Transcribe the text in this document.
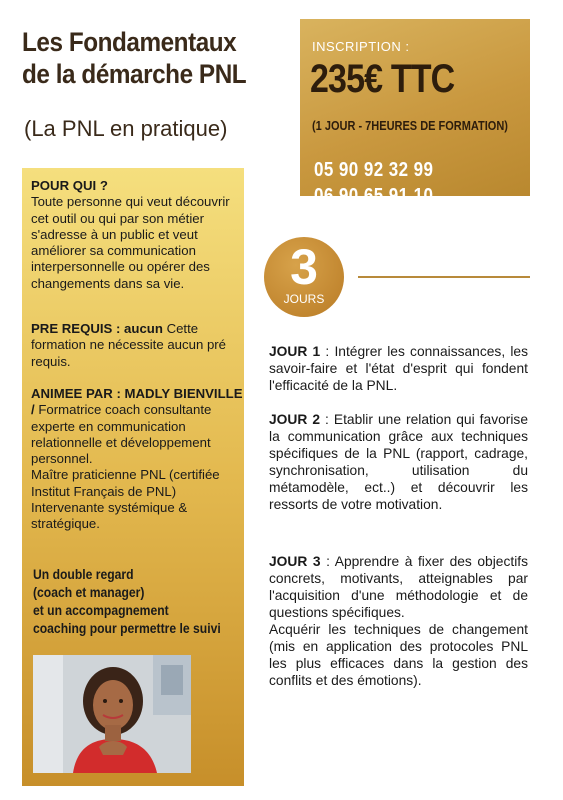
Les Fondamentaux
de la démarche PNL
(La PNL en pratique)
INSCRIPTION :
235€ TTC
(1 JOUR - 7HEURES DE FORMATION)
05 90 92 32 99
06 90 65 91 10
POUR QUI ?
Toute personne qui veut découvrir cet outil ou qui par son métier s'adresse à un public et veut améliorer sa communication interpersonnelle ou opérer des changements dans sa vie.
PRE REQUIS : aucun Cette formation ne nécessite aucun pré requis.
ANIMEE PAR : MADLY BIENVILLE / Formatrice coach consultante experte en communication relationnelle et développement personnel.
Maître praticienne PNL (certifiée Institut Français de PNL)
Intervenante systémique & stratégique.
Un double regard
(coach et manager)
et un accompagnement
coaching pour permettre le suivi
3
JOURS
JOUR 1 : Intégrer les connaissances, les savoir-faire et l'état d'esprit qui fondent l'efficacité de la PNL.
JOUR 2 : Etablir une relation qui favorise la communication grâce aux techniques spécifiques de la PNL (rapport, cadrage, synchronisation, utilisation du métamodèle, ect..) et découvrir les ressorts de votre motivation.
JOUR 3 : Apprendre à fixer des objectifs concrets, motivants, atteignables par l'acquisition d'une méthodologie et de questions spécifiques.
Acquérir les techniques de changement (mis en application des protocoles PNL les plus efficaces dans la gestion des conflits et des émotions).
